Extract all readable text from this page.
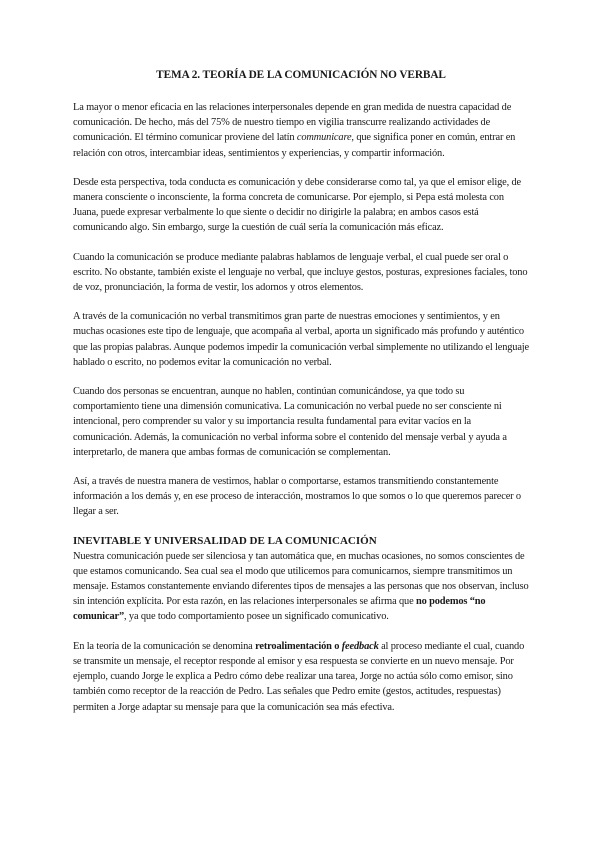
TEMA 2. TEORÍA DE LA COMUNICACIÓN NO VERBAL

La mayor o menor eficacia en las relaciones interpersonales depende en gran medida de nuestra capacidad de comunicación. De hecho, más del 75% de nuestro tiempo en vigilia transcurre realizando actividades de comunicación. El término comunicar proviene del latín communicare, que significa poner en común, entrar en relación con otros, intercambiar ideas, sentimientos y experiencias, y compartir información.

Desde esta perspectiva, toda conducta es comunicación y debe considerarse como tal, ya que el emisor elige, de manera consciente o inconsciente, la forma concreta de comunicarse. Por ejemplo, si Pepa está molesta con Juana, puede expresar verbalmente lo que siente o decidir no dirigirle la palabra; en ambos casos está comunicando algo. Sin embargo, surge la cuestión de cuál sería la comunicación más eficaz.

Cuando la comunicación se produce mediante palabras hablamos de lenguaje verbal, el cual puede ser oral o escrito. No obstante, también existe el lenguaje no verbal, que incluye gestos, posturas, expresiones faciales, tono de voz, pronunciación, la forma de vestir, los adornos y otros elementos.

A través de la comunicación no verbal transmitimos gran parte de nuestras emociones y sentimientos, y en muchas ocasiones este tipo de lenguaje, que acompaña al verbal, aporta un significado más profundo y auténtico que las propias palabras. Aunque podemos impedir la comunicación verbal simplemente no utilizando el lenguaje hablado o escrito, no podemos evitar la comunicación no verbal.

Cuando dos personas se encuentran, aunque no hablen, continúan comunicándose, ya que todo su comportamiento tiene una dimensión comunicativa. La comunicación no verbal puede no ser consciente ni intencional, pero comprender su valor y su importancia resulta fundamental para evitar vacíos en la comunicación. Además, la comunicación no verbal informa sobre el contenido del mensaje verbal y ayuda a interpretarlo, de manera que ambas formas de comunicación se complementan.

Así, a través de nuestra manera de vestirnos, hablar o comportarse, estamos transmitiendo constantemente información a los demás y, en ese proceso de interacción, mostramos lo que somos o lo que queremos parecer o llegar a ser.

INEVITABLE Y UNIVERSALIDAD DE LA COMUNICACIÓN

Nuestra comunicación puede ser silenciosa y tan automática que, en muchas ocasiones, no somos conscientes de que estamos comunicando. Sea cual sea el modo que utilicemos para comunicarnos, siempre transmitimos un mensaje. Estamos constantemente enviando diferentes tipos de mensajes a las personas que nos observan, incluso sin intención explícita. Por esta razón, en las relaciones interpersonales se afirma que no podemos “no comunicar”, ya que todo comportamiento posee un significado comunicativo.

En la teoría de la comunicación se denomina retroalimentación o feedback al proceso mediante el cual, cuando se transmite un mensaje, el receptor responde al emisor y esa respuesta se convierte en un nuevo mensaje. Por ejemplo, cuando Jorge le explica a Pedro cómo debe realizar una tarea, Jorge no actúa sólo como emisor, sino también como receptor de la reacción de Pedro. Las señales que Pedro emite (gestos, actitudes, respuestas) permiten a Jorge adaptar su mensaje para que la comunicación sea más efectiva.
